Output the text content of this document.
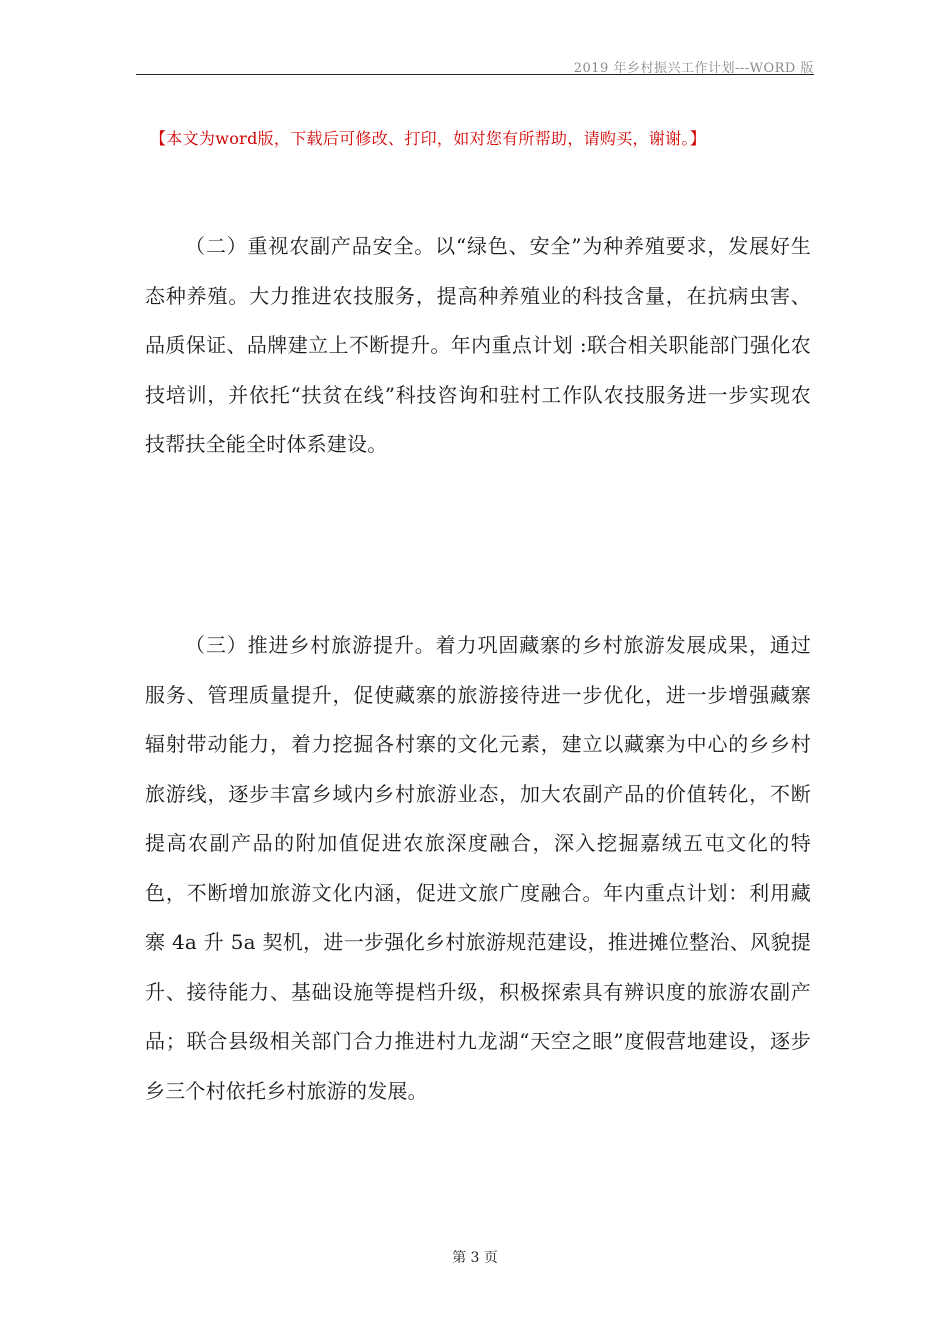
2019 年乡村振兴工作计划---WORD 版
【本文为word版，下载后可修改、打印，如对您有所帮助，请购买，谢谢。】

（二）重视农副产品安全。以“绿色、安全”为种养殖要求，发展好生态种养殖。大力推进农技服务，提高种养殖业的科技含量，在抗病虫害、品质保证、品牌建立上不断提升。年内重点计划 :联合相关职能部门强化农技培训，并依托“扶贫在线”科技咨询和驻村工作队农技服务进一步实现农技帮扶全能全时体系建设。

（三）推进乡村旅游提升。着力巩固藏寨的乡村旅游发展成果，通过服务、管理质量提升，促使藏寨的旅游接待进一步优化，进一步增强藏寨辐射带动能力，着力挖掘各村寨的文化元素，建立以藏寨为中心的乡乡村旅游线，逐步丰富乡域内乡村旅游业态，加大农副产品的价值转化，不断提高农副产品的附加值促进农旅深度融合，深入挖掘嘉绒五屯文化的特色，不断增加旅游文化内涵，促进文旅广度融合。年内重点计划：利用藏寨 4a 升 5a 契机，进一步强化乡村旅游规范建设，推进摊位整治、风貌提升、接待能力、基础设施等提档升级，积极探索具有辨识度的旅游农副产品；联合县级相关部门合力推进村九龙湖“天空之眼”度假营地建设，逐步乡三个村依托乡村旅游的发展。

第 3 页
